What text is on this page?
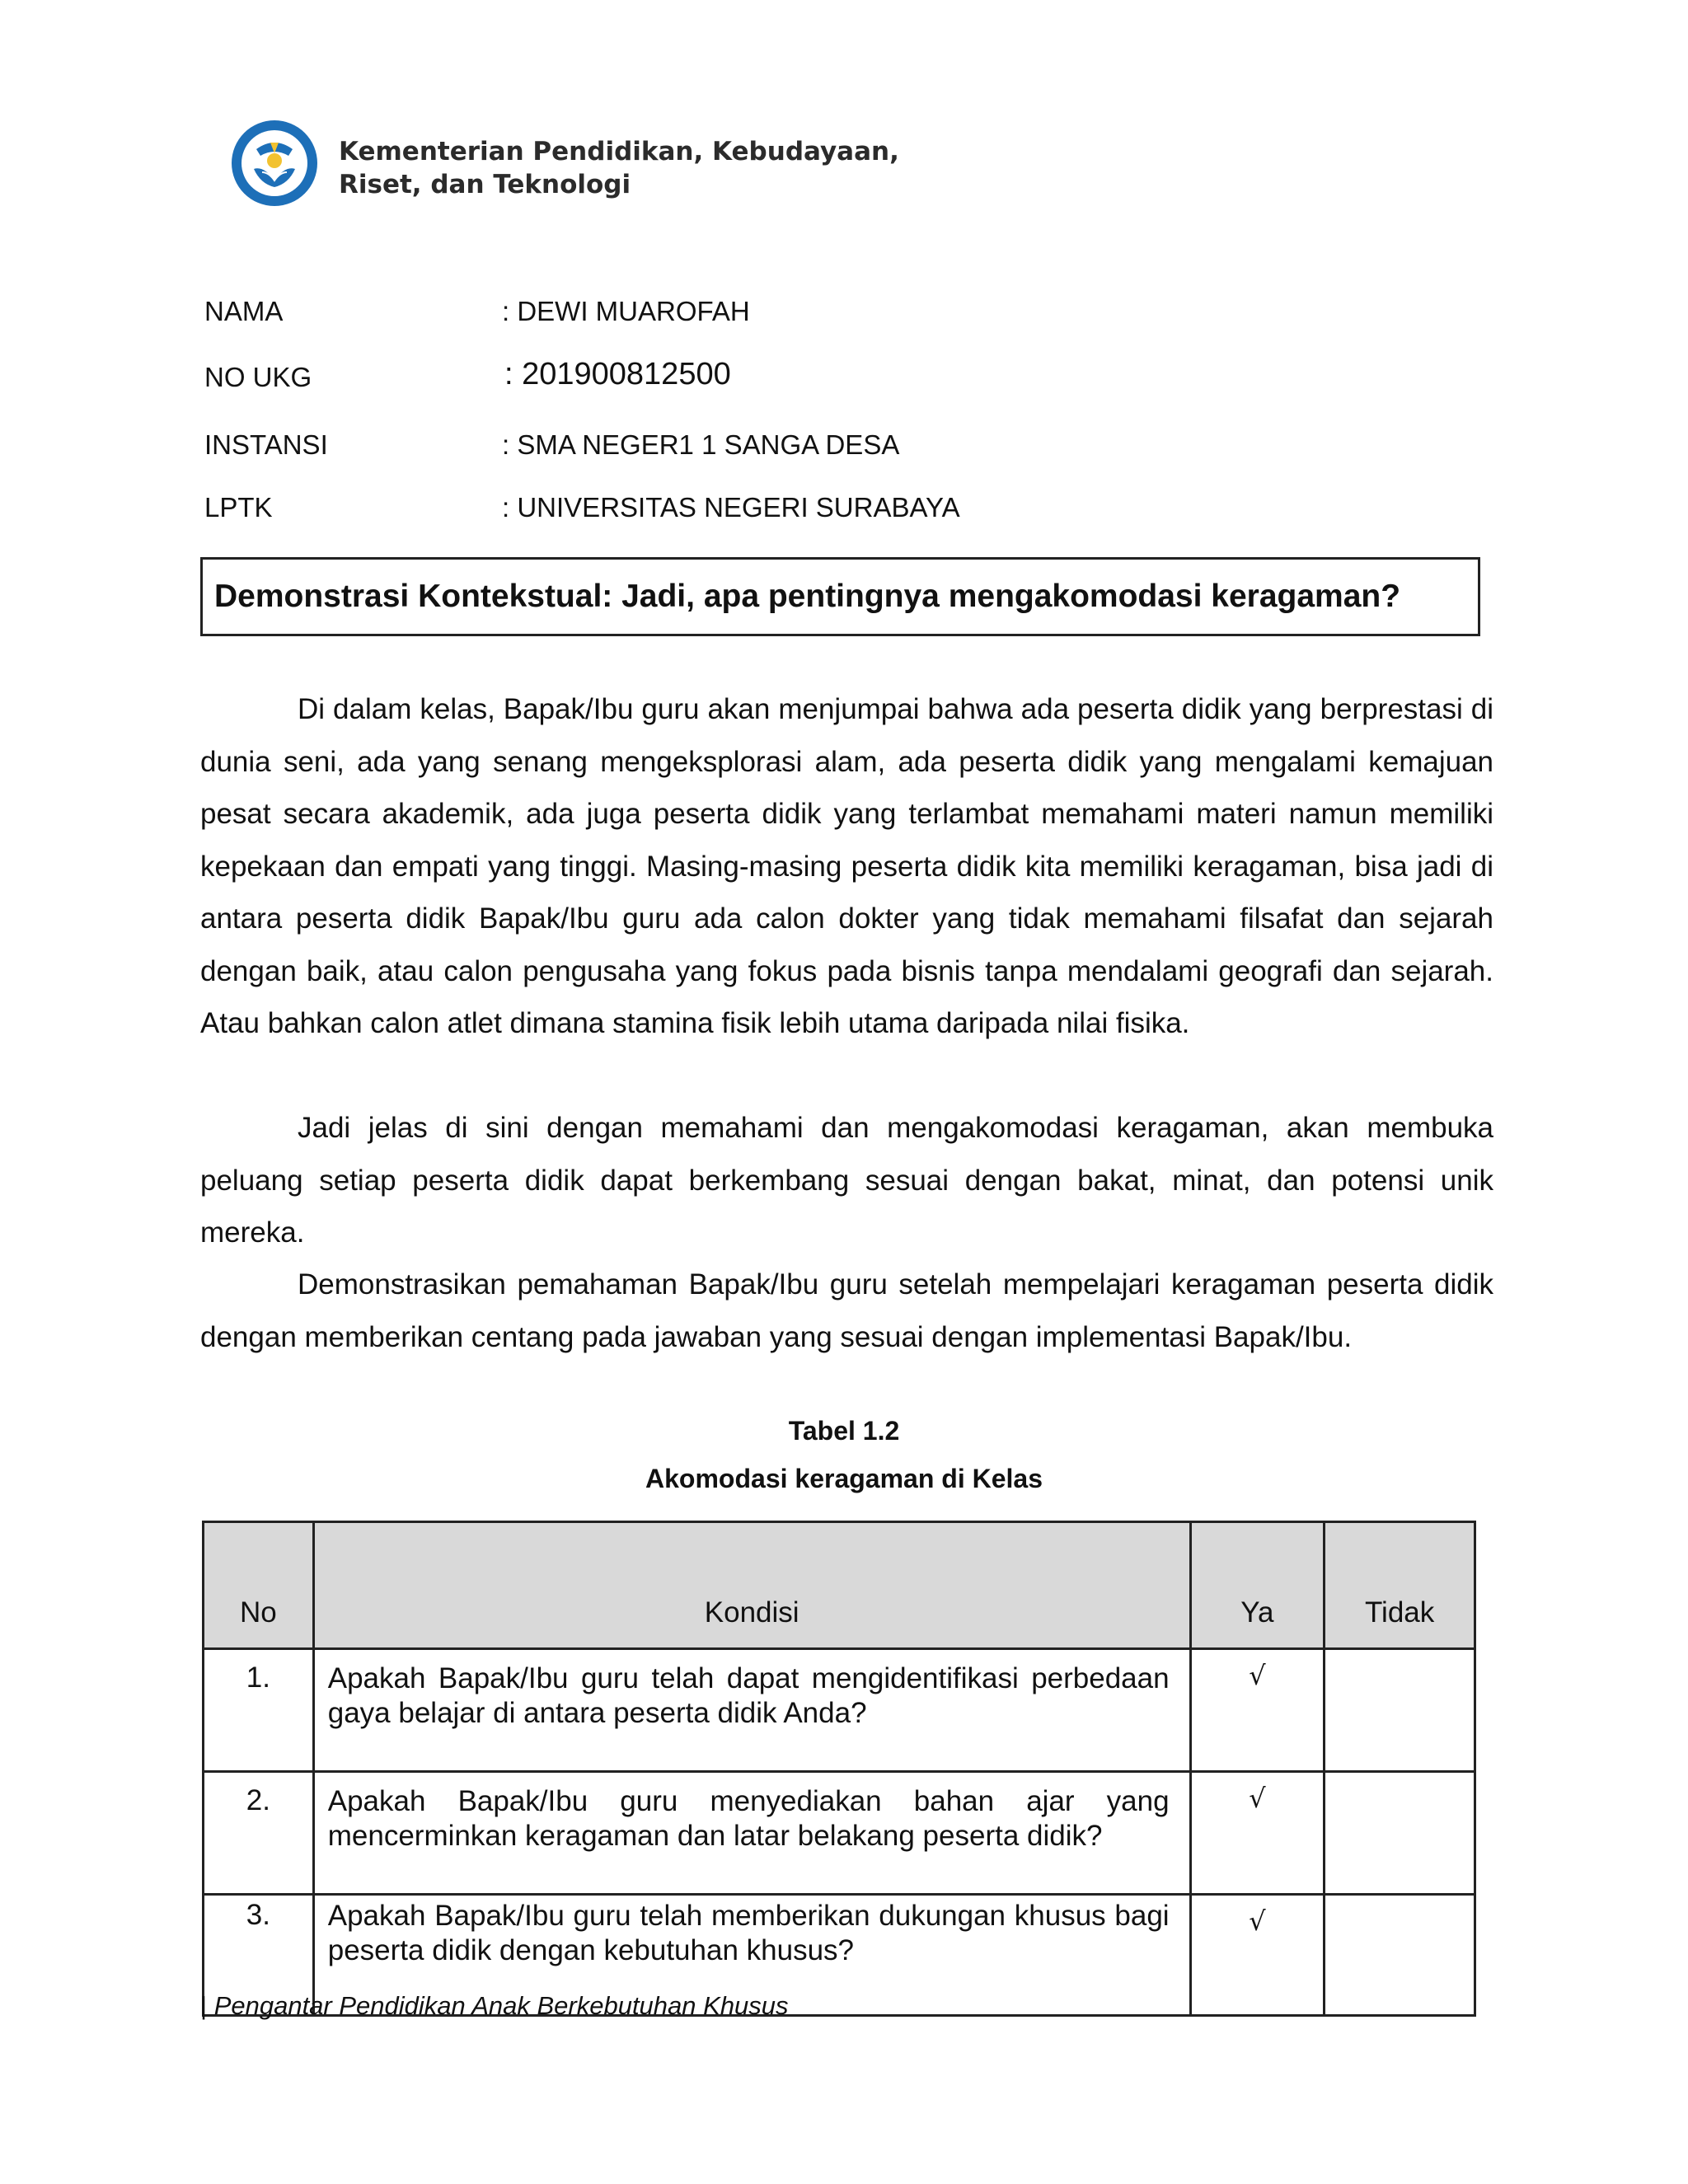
Kementerian Pendidikan, Kebudayaan,
Riset, dan Teknologi
NAMA	: DEWI MUAROFAH
NO UKG	: 201900812500
INSTANSI	: SMA NEGER1 1 SANGA DESA
LPTK	: UNIVERSITAS NEGERI SURABAYA
Demonstrasi Kontekstual: Jadi, apa pentingnya mengakomodasi keragaman?

Di dalam kelas, Bapak/Ibu guru akan menjumpai bahwa ada peserta didik yang berprestasi di dunia seni, ada yang senang mengeksplorasi alam, ada peserta didik yang mengalami kemajuan pesat secara akademik, ada juga peserta didik yang terlambat memahami materi namun memiliki kepekaan dan empati yang tinggi. Masing-masing peserta didik kita memiliki keragaman, bisa jadi di antara peserta didik Bapak/Ibu guru ada calon dokter yang tidak memahami filsafat dan sejarah dengan baik, atau calon pengusaha yang fokus pada bisnis tanpa mendalami geografi dan sejarah. Atau bahkan calon atlet dimana stamina fisik lebih utama daripada nilai fisika.

Jadi jelas di sini dengan memahami dan mengakomodasi keragaman, akan membuka peluang setiap peserta didik dapat berkembang sesuai dengan bakat, minat, dan potensi unik mereka.

Demonstrasikan pemahaman Bapak/Ibu guru setelah mempelajari keragaman peserta didik dengan memberikan centang pada jawaban yang sesuai dengan implementasi Bapak/Ibu.

Tabel 1.2
Akomodasi keragaman di Kelas
No	Kondisi	Ya	Tidak
1.	Apakah Bapak/Ibu guru telah dapat mengidentifikasi perbedaan gaya belajar di antara peserta didik Anda?	√	
2.	Apakah Bapak/Ibu guru menyediakan bahan ajar yang mencerminkan keragaman dan latar belakang peserta didik?	√	
3.	Apakah Bapak/Ibu guru telah memberikan dukungan khusus bagi peserta didik dengan kebutuhan khusus?	√	
| Pengantar Pendidikan Anak Berkebutuhan Khusus
